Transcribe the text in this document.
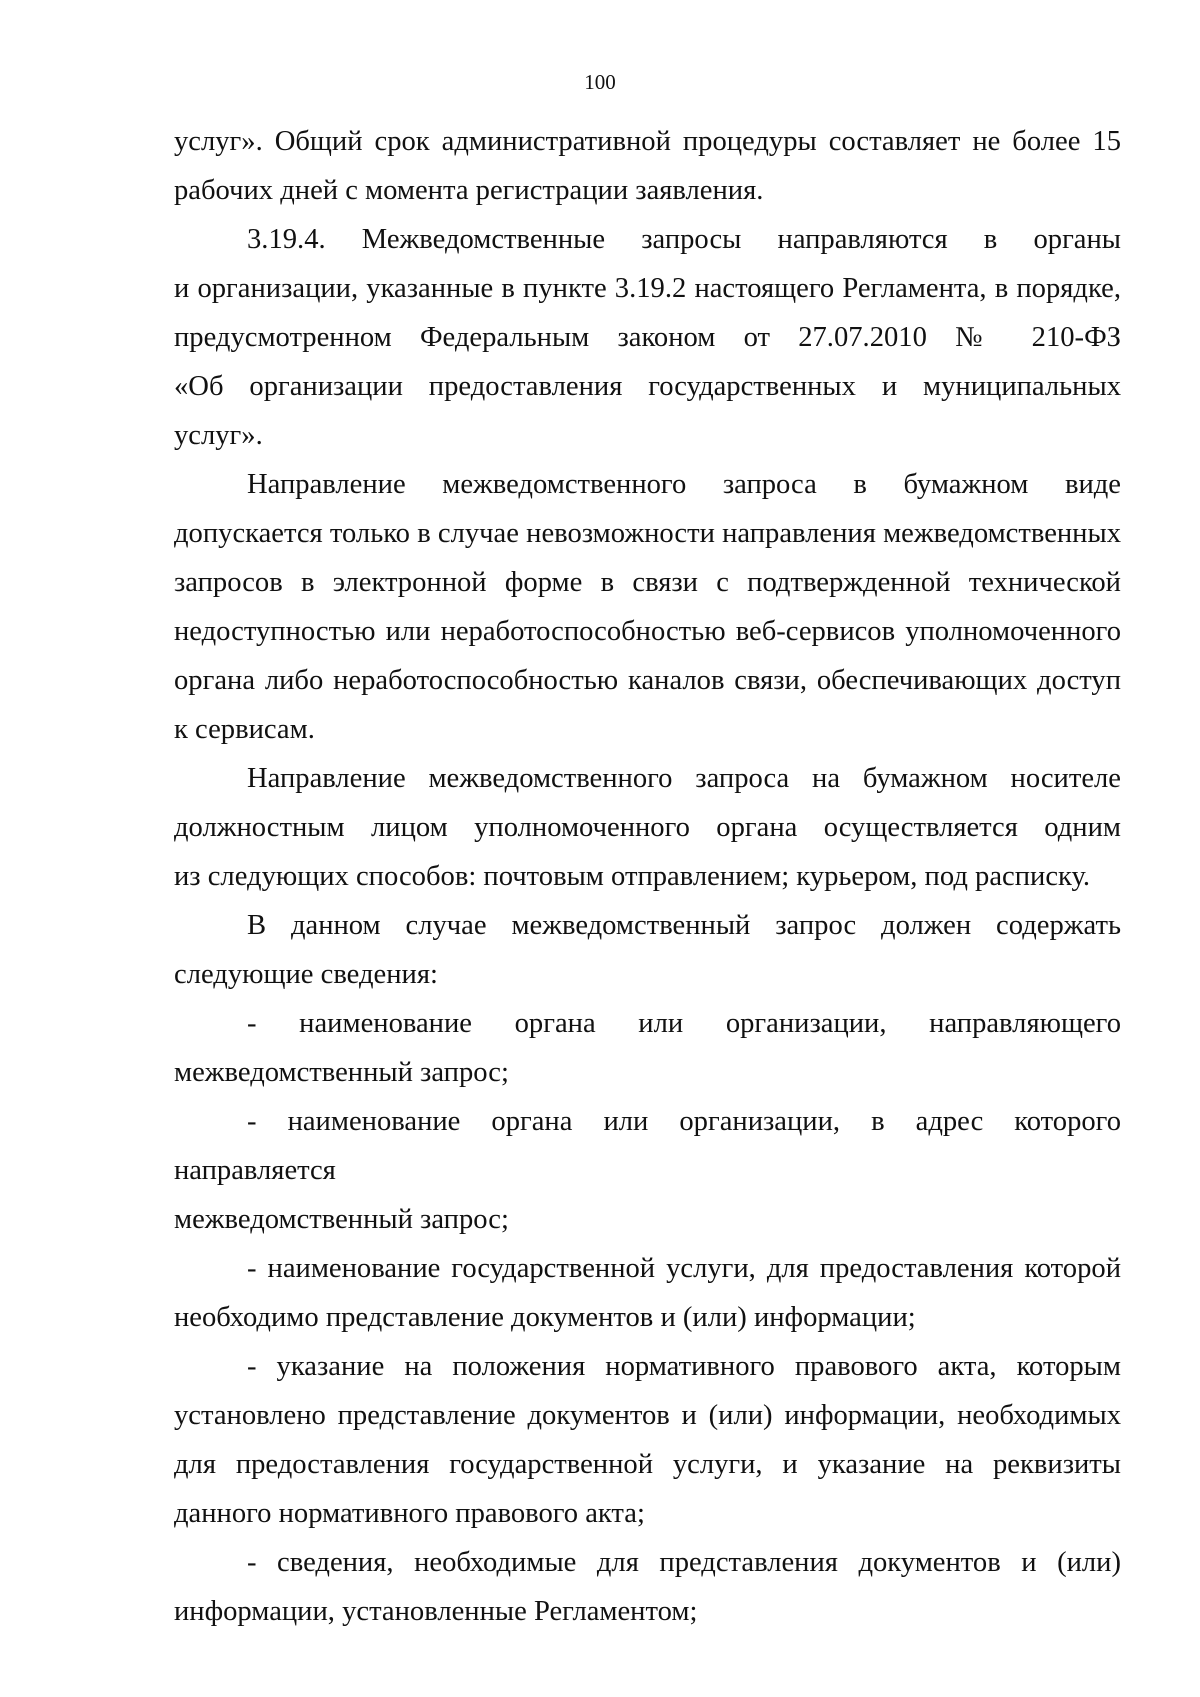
100
услуг». Общий срок административной процедуры составляет не более 15
рабочих дней с момента регистрации заявления.
3.19.4. Межведомственные запросы направляются в органы
и организации, указанные в пункте 3.19.2 настоящего Регламента, в порядке,
предусмотренном Федеральным законом от 27.07.2010 № 210-ФЗ
«Об организации предоставления государственных и муниципальных услуг».
Направление межведомственного запроса в бумажном виде
допускается только в случае невозможности направления межведомственных
запросов в электронной форме в связи с подтвержденной технической
недоступностью или неработоспособностью веб-сервисов уполномоченного
органа либо неработоспособностью каналов связи, обеспечивающих доступ
к сервисам.
Направление межведомственного запроса на бумажном носителе
должностным лицом уполномоченного органа осуществляется одним
из следующих способов: почтовым отправлением; курьером, под расписку.
В данном случае межведомственный запрос должен содержать
следующие сведения:
- наименование органа или организации, направляющего
межведомственный запрос;
- наименование органа или организации, в адрес которого направляется
межведомственный запрос;
- наименование государственной услуги, для предоставления которой
необходимо представление документов и (или) информации;
- указание на положения нормативного правового акта, которым
установлено представление документов и (или) информации, необходимых
для предоставления государственной услуги, и указание на реквизиты
данного нормативного правового акта;
- сведения, необходимые для представления документов и (или)
информации, установленные Регламентом;
